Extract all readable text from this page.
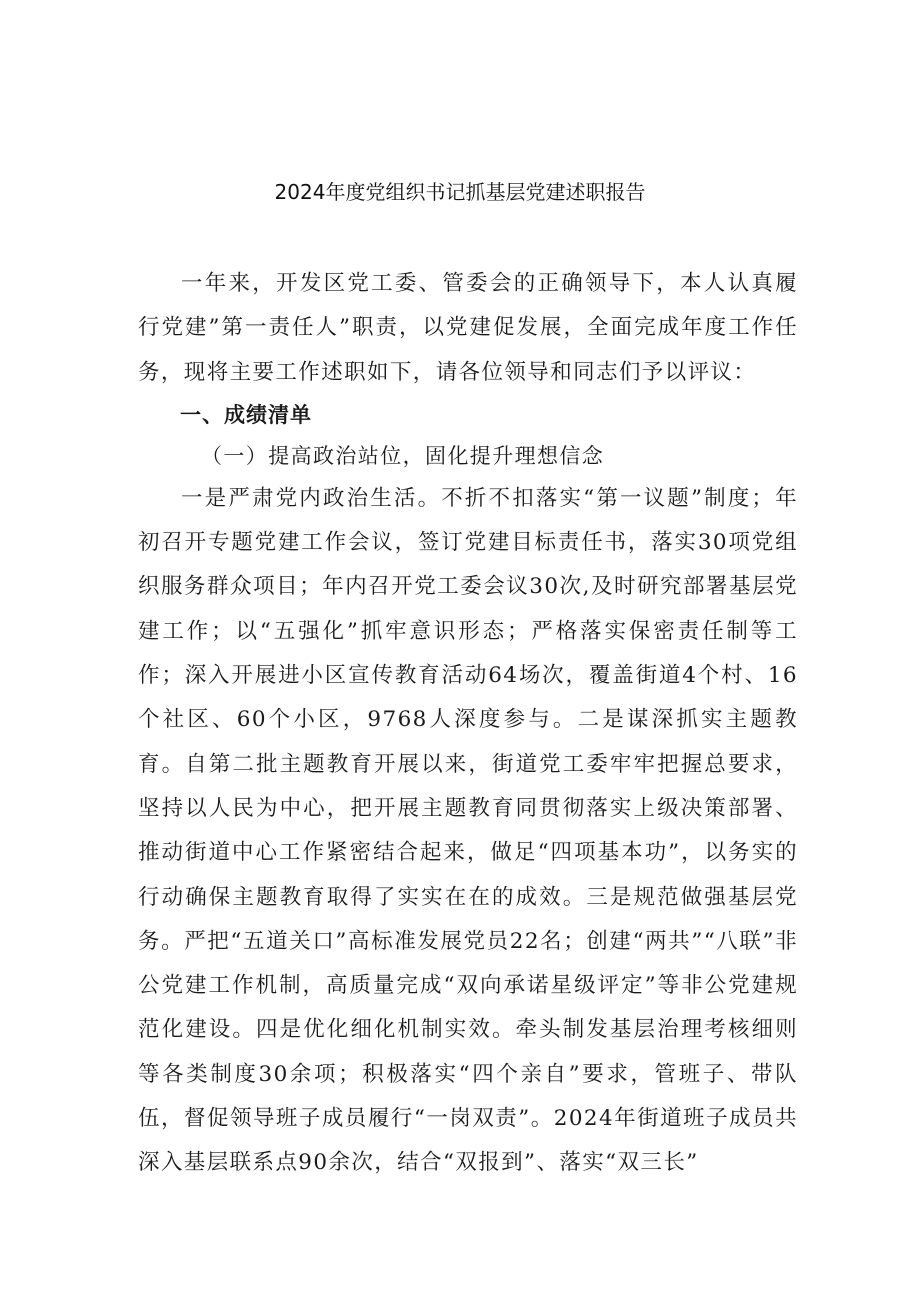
2024年度党组织书记抓基层党建述职报告

一年来，开发区党工委、管委会的正确领导下，本人认真履行党建”第一责任人”职责，以党建促发展，全面完成年度工作任务，现将主要工作述职如下，请各位领导和同志们予以评议：

一、成绩清单

（一）提高政治站位，固化提升理想信念

一是严肃党内政治生活。不折不扣落实“第一议题”制度；年初召开专题党建工作会议，签订党建目标责任书，落实30项党组织服务群众项目；年内召开党工委会议30次,及时研究部署基层党建工作；以“五强化”抓牢意识形态；严格落实保密责任制等工作；深入开展进小区宣传教育活动64场次，覆盖街道4个村、16个社区、60个小区，9768人深度参与。二是谋深抓实主题教育。自第二批主题教育开展以来，街道党工委牢牢把握总要求，坚持以人民为中心，把开展主题教育同贯彻落实上级决策部署、推动街道中心工作紧密结合起来，做足“四项基本功”，以务实的行动确保主题教育取得了实实在在的成效。三是规范做强基层党务。严把“五道关口”高标准发展党员22名；创建“两共”“八联”非公党建工作机制，高质量完成“双向承诺星级评定”等非公党建规范化建设。四是优化细化机制实效。牵头制发基层治理考核细则等各类制度30余项；积极落实“四个亲自”要求，管班子、带队伍，督促领导班子成员履行“一岗双责”。2024年街道班子成员共深入基层联系点90余次，结合“双报到”、落实“双三长”
